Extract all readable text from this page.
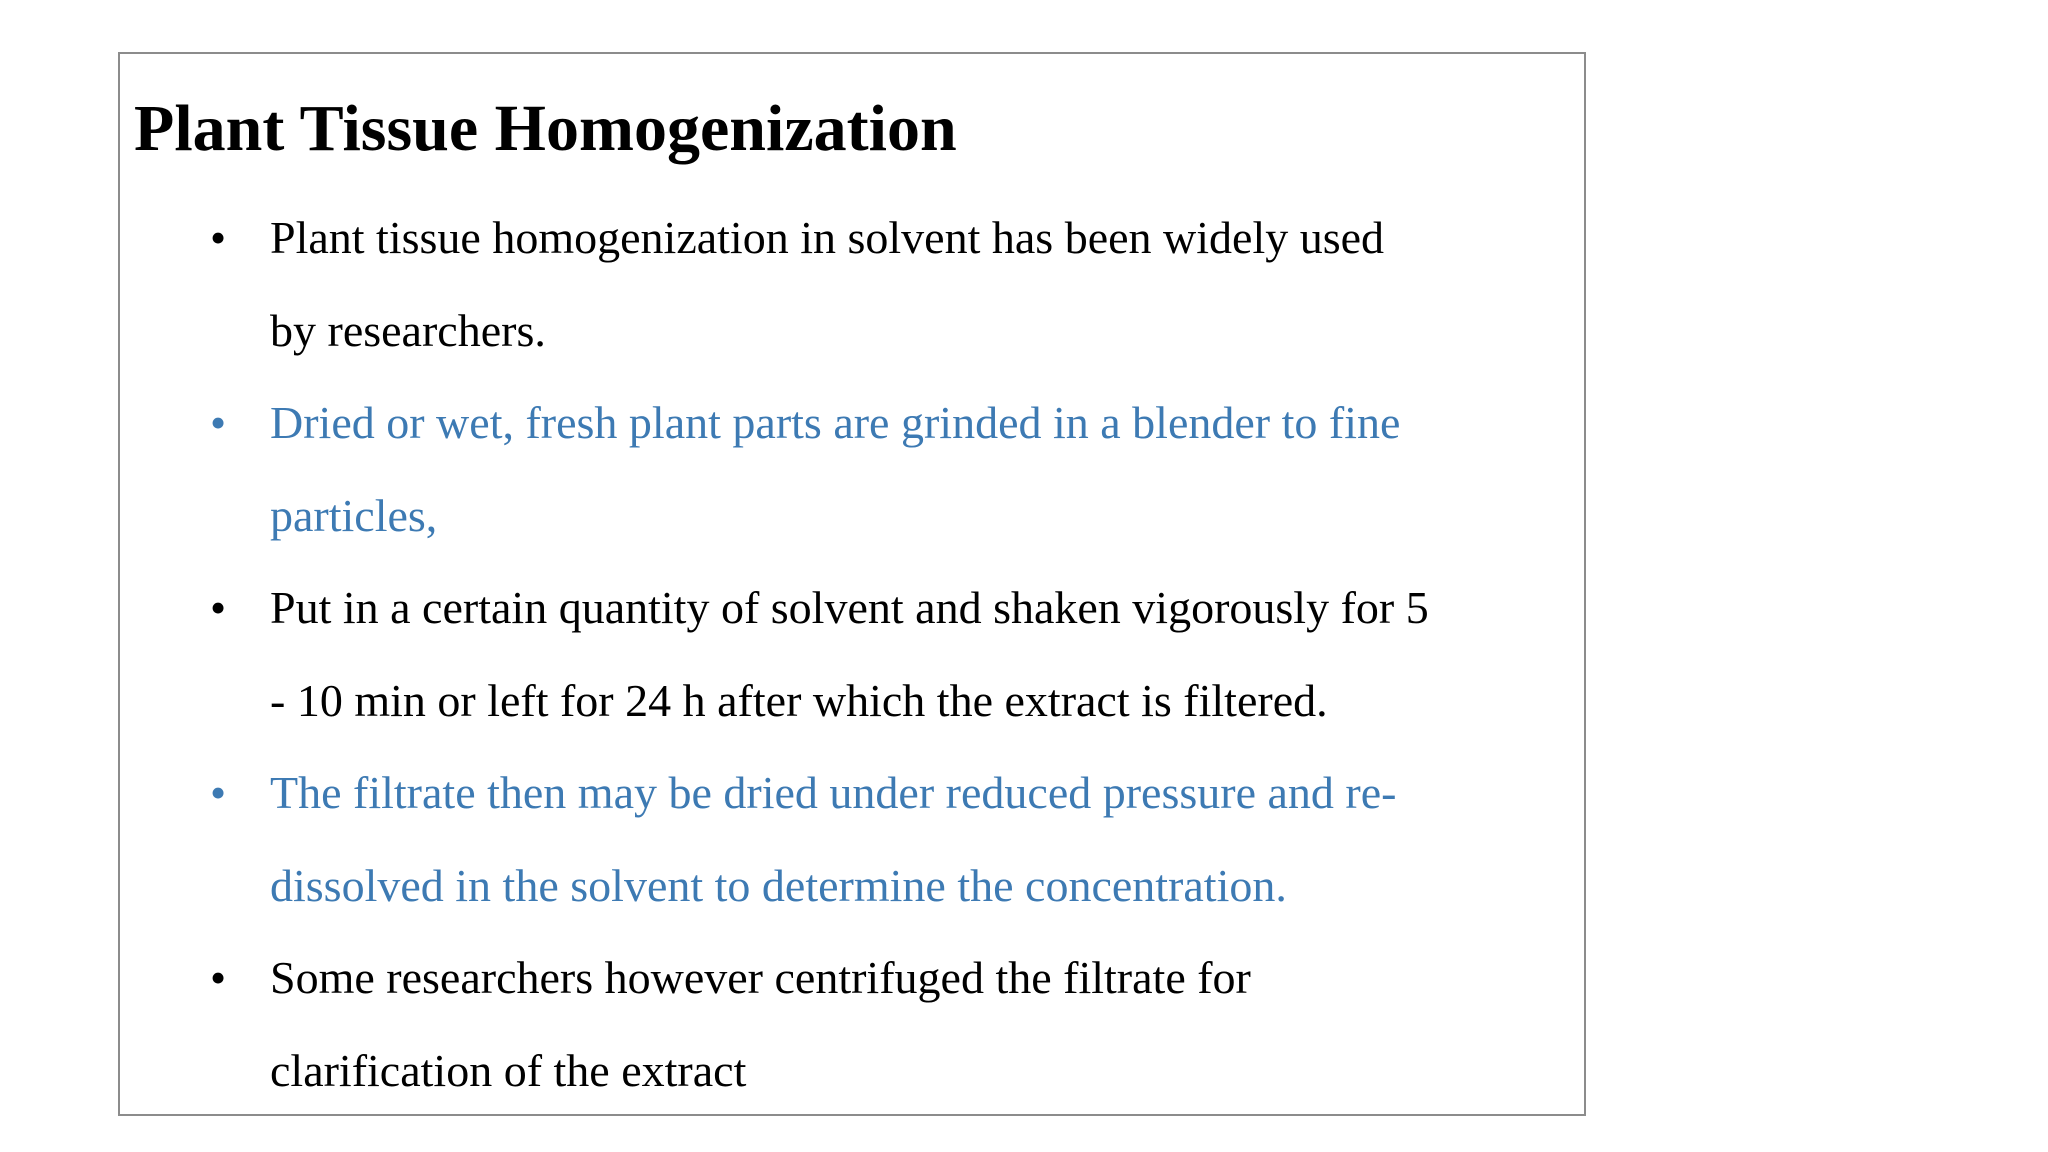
Plant Tissue Homogenization
• Plant tissue homogenization in solvent has been widely used
by researchers.
• Dried or wet, fresh plant parts are grinded in a blender to fine
particles,
• Put in a certain quantity of solvent and shaken vigorously for 5
- 10 min or left for 24 h after which the extract is filtered.
• The filtrate then may be dried under reduced pressure and re-
dissolved in the solvent to determine the concentration.
• Some researchers however centrifuged the filtrate for
clarification of the extract
